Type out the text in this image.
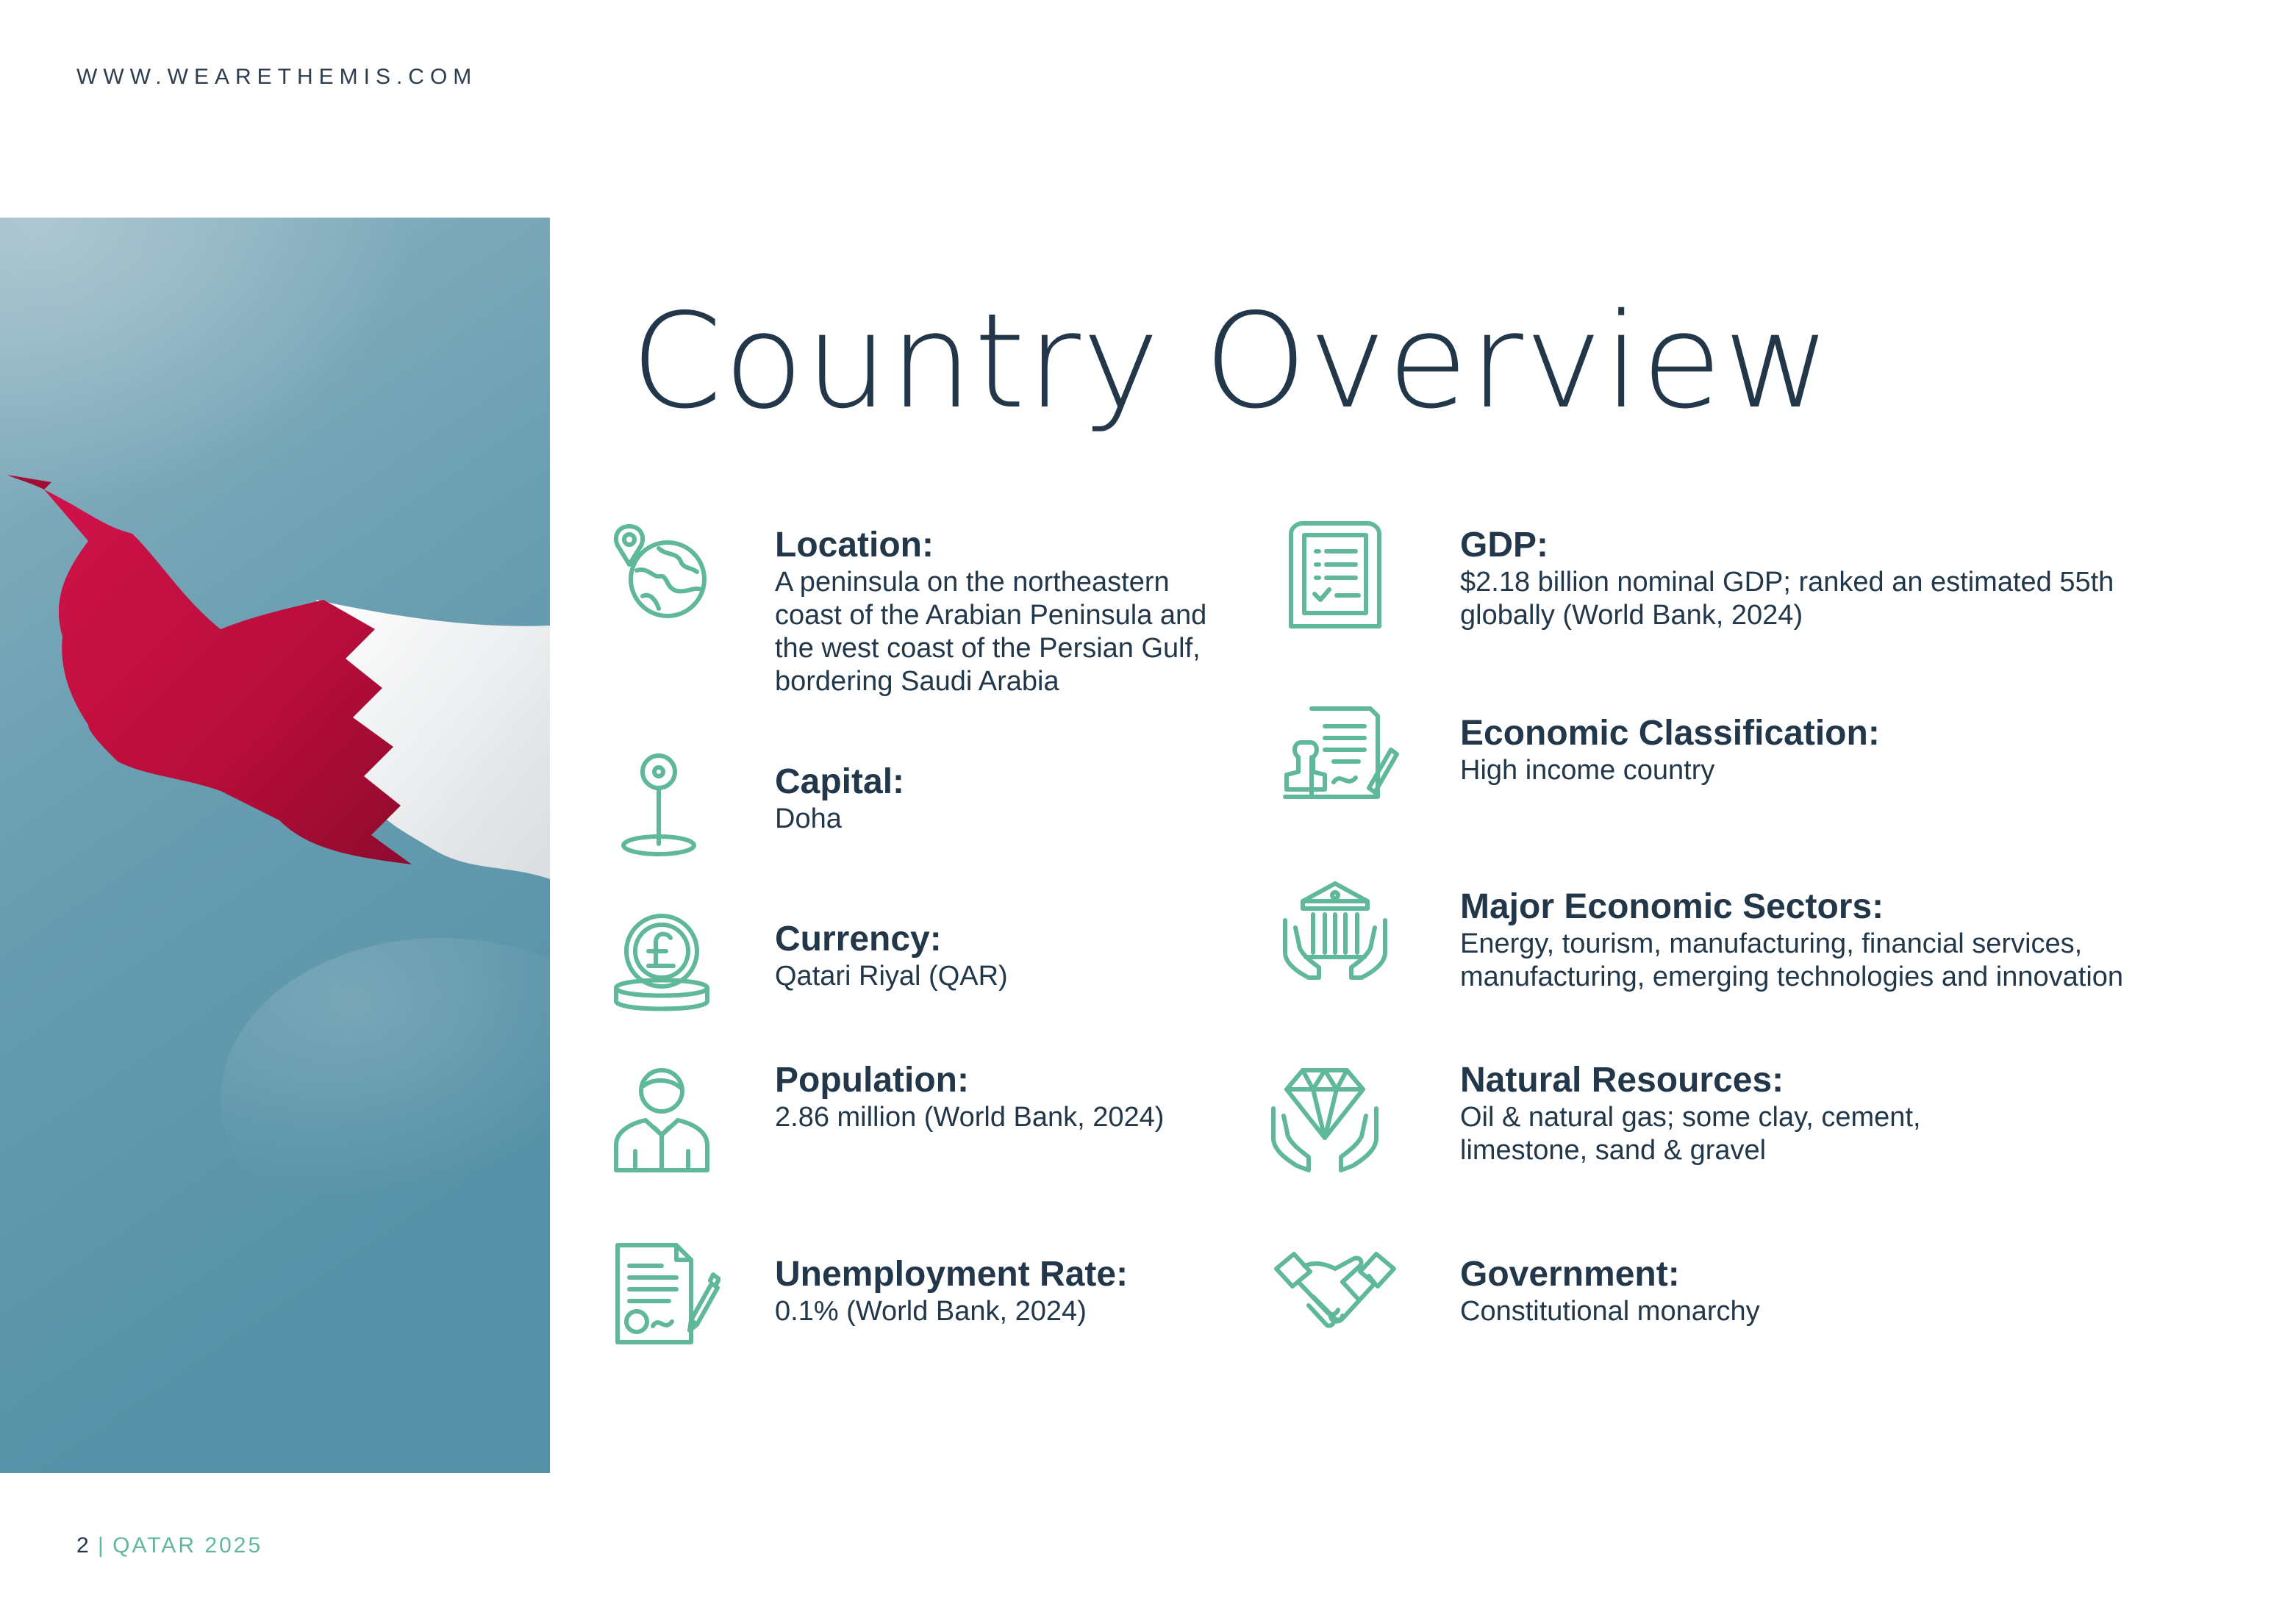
WWW.WEARETHEMIS.COM
Country Overview
Location:
A peninsula on the northeastern coast of the Arabian Peninsula and the west coast of the Persian Gulf, bordering Saudi Arabia
Capital:
Doha
Currency:
Qatari Riyal (QAR)
Population:
2.86 million (World Bank, 2024)
Unemployment Rate:
0.1% (World Bank, 2024)
GDP:
$2.18 billion nominal GDP; ranked an estimated 55th globally (World Bank, 2024)
Economic Classification:
High income country
Major Economic Sectors:
Energy, tourism, manufacturing, financial services, manufacturing, emerging technologies and innovation
Natural Resources:
Oil & natural gas; some clay, cement, limestone, sand & gravel
Government:
Constitutional monarchy
2 | QATAR 2025
